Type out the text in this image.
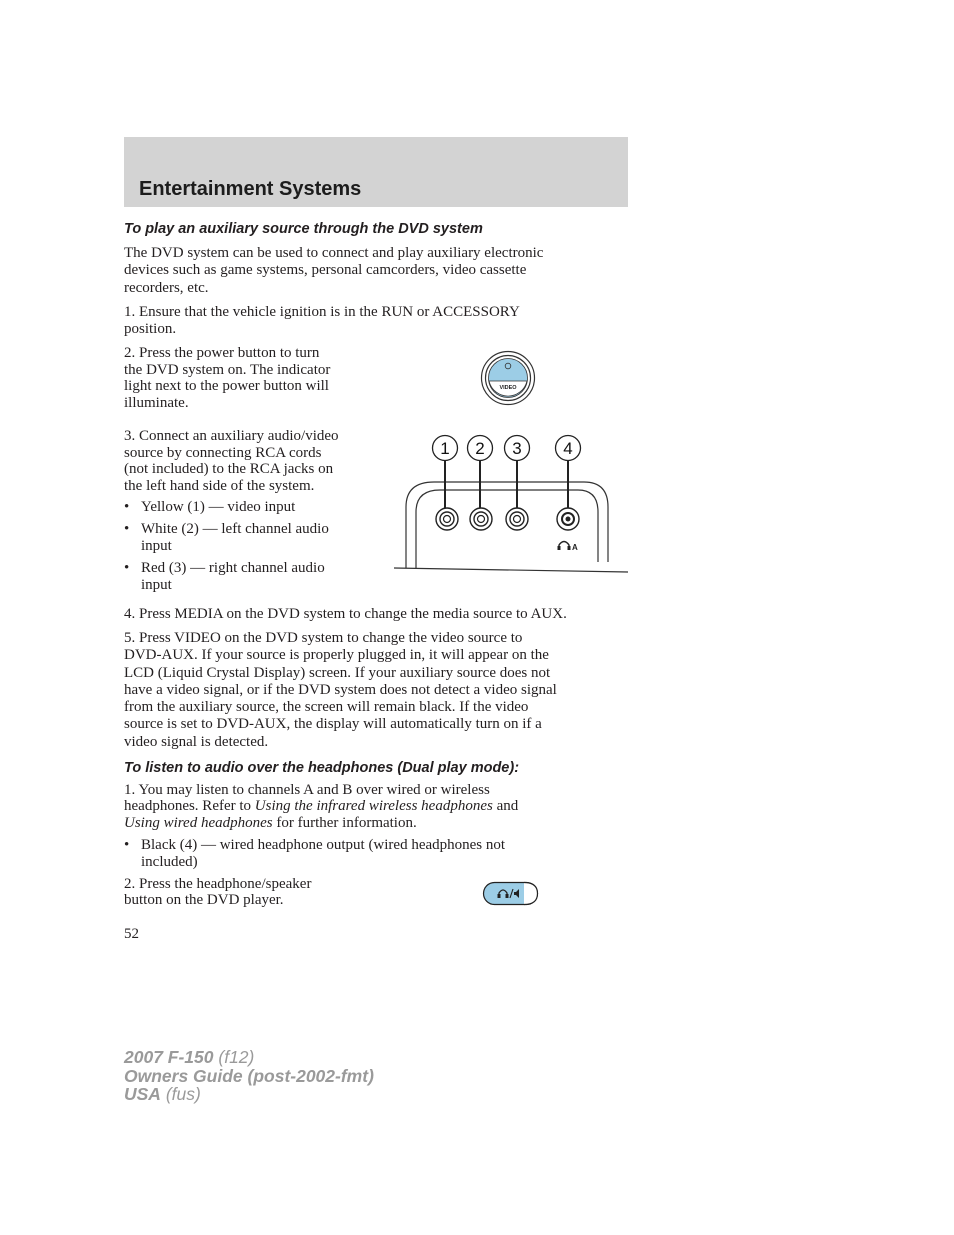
Entertainment Systems
To play an auxiliary source through the DVD system
The DVD system can be used to connect and play auxiliary electronic
devices such as game systems, personal camcorders, video cassette
recorders, etc.
1. Ensure that the vehicle ignition is in the RUN or ACCESSORY
position.
2. Press the power button to turn
the DVD system on. The indicator
light next to the power button will
illuminate.
VIDEO
3. Connect an auxiliary audio/video
source by connecting RCA cords
(not included) to the RCA jacks on
the left hand side of the system.
• Yellow (1) — video input
• White (2) — left channel audio
input
• Red (3) — right channel audio
input
1 2 3 4
A
4. Press MEDIA on the DVD system to change the media source to AUX.
5. Press VIDEO on the DVD system to change the video source to
DVD-AUX. If your source is properly plugged in, it will appear on the
LCD (Liquid Crystal Display) screen. If your auxiliary source does not
have a video signal, or if the DVD system does not detect a video signal
from the auxiliary source, the screen will remain black. If the video
source is set to DVD-AUX, the display will automatically turn on if a
video signal is detected.
To listen to audio over the headphones (Dual play mode):
1. You may listen to channels A and B over wired or wireless
headphones. Refer to Using the infrared wireless headphones and
Using wired headphones for further information.
• Black (4) — wired headphone output (wired headphones not
included)
2. Press the headphone/speaker
button on the DVD player.
52
2007 F-150 (f12)
Owners Guide (post-2002-fmt)
USA (fus)
